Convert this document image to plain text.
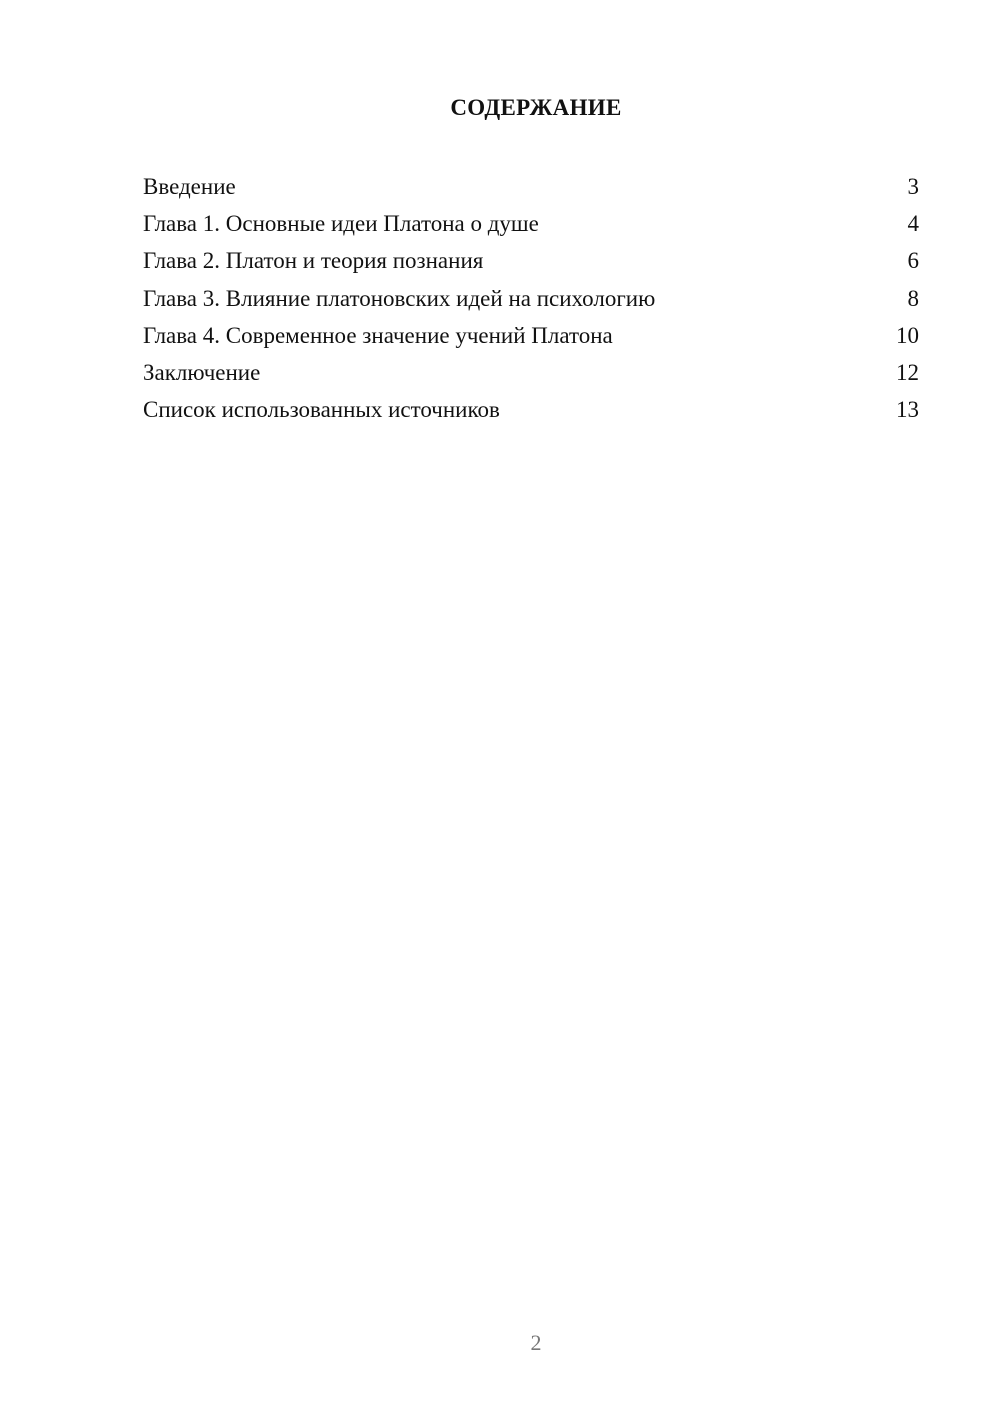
СОДЕРЖАНИЕ
Введение	3
Глава 1. Основные идеи Платона о душе	4
Глава 2. Платон и теория познания	6
Глава 3. Влияние платоновских идей на психологию	8
Глава 4. Современное значение учений Платона	10
Заключение	12
Список использованных источников	13
2
